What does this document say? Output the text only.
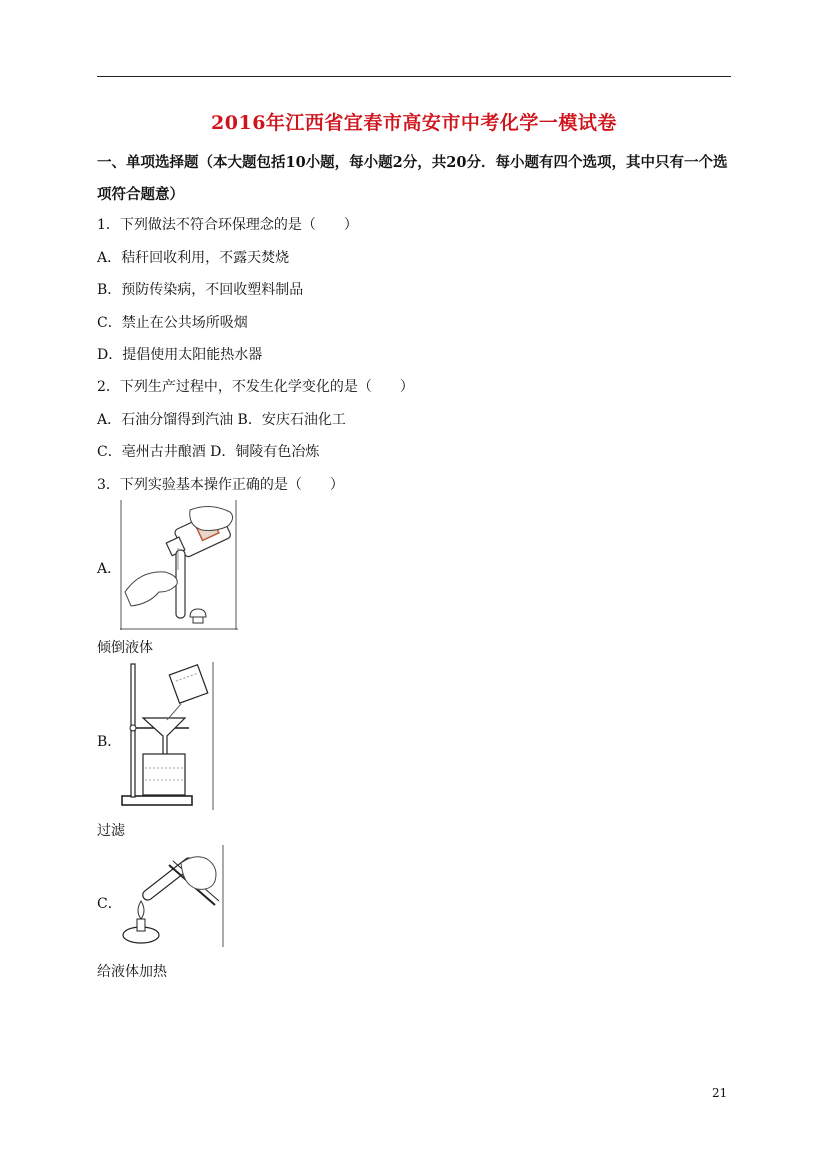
2016年江西省宜春市高安市中考化学一模试卷
一、单项选择题（本大题包括10小题，每小题2分，共20分．每小题有四个选项，其中只有一个选项符合题意）
1．下列做法不符合环保理念的是（　　）
A．秸秆回收利用，不露天焚烧
B．预防传染病，不回收塑料制品
C．禁止在公共场所吸烟
D．提倡使用太阳能热水器
2．下列生产过程中，不发生化学变化的是（　　）
A．石油分馏得到汽油 B．安庆石油化工
C．亳州古井酿酒 D．铜陵有色冶炼
3．下列实验基本操作正确的是（　　）
A．
倾倒液体
B．
过滤
C．
给液体加热
21
